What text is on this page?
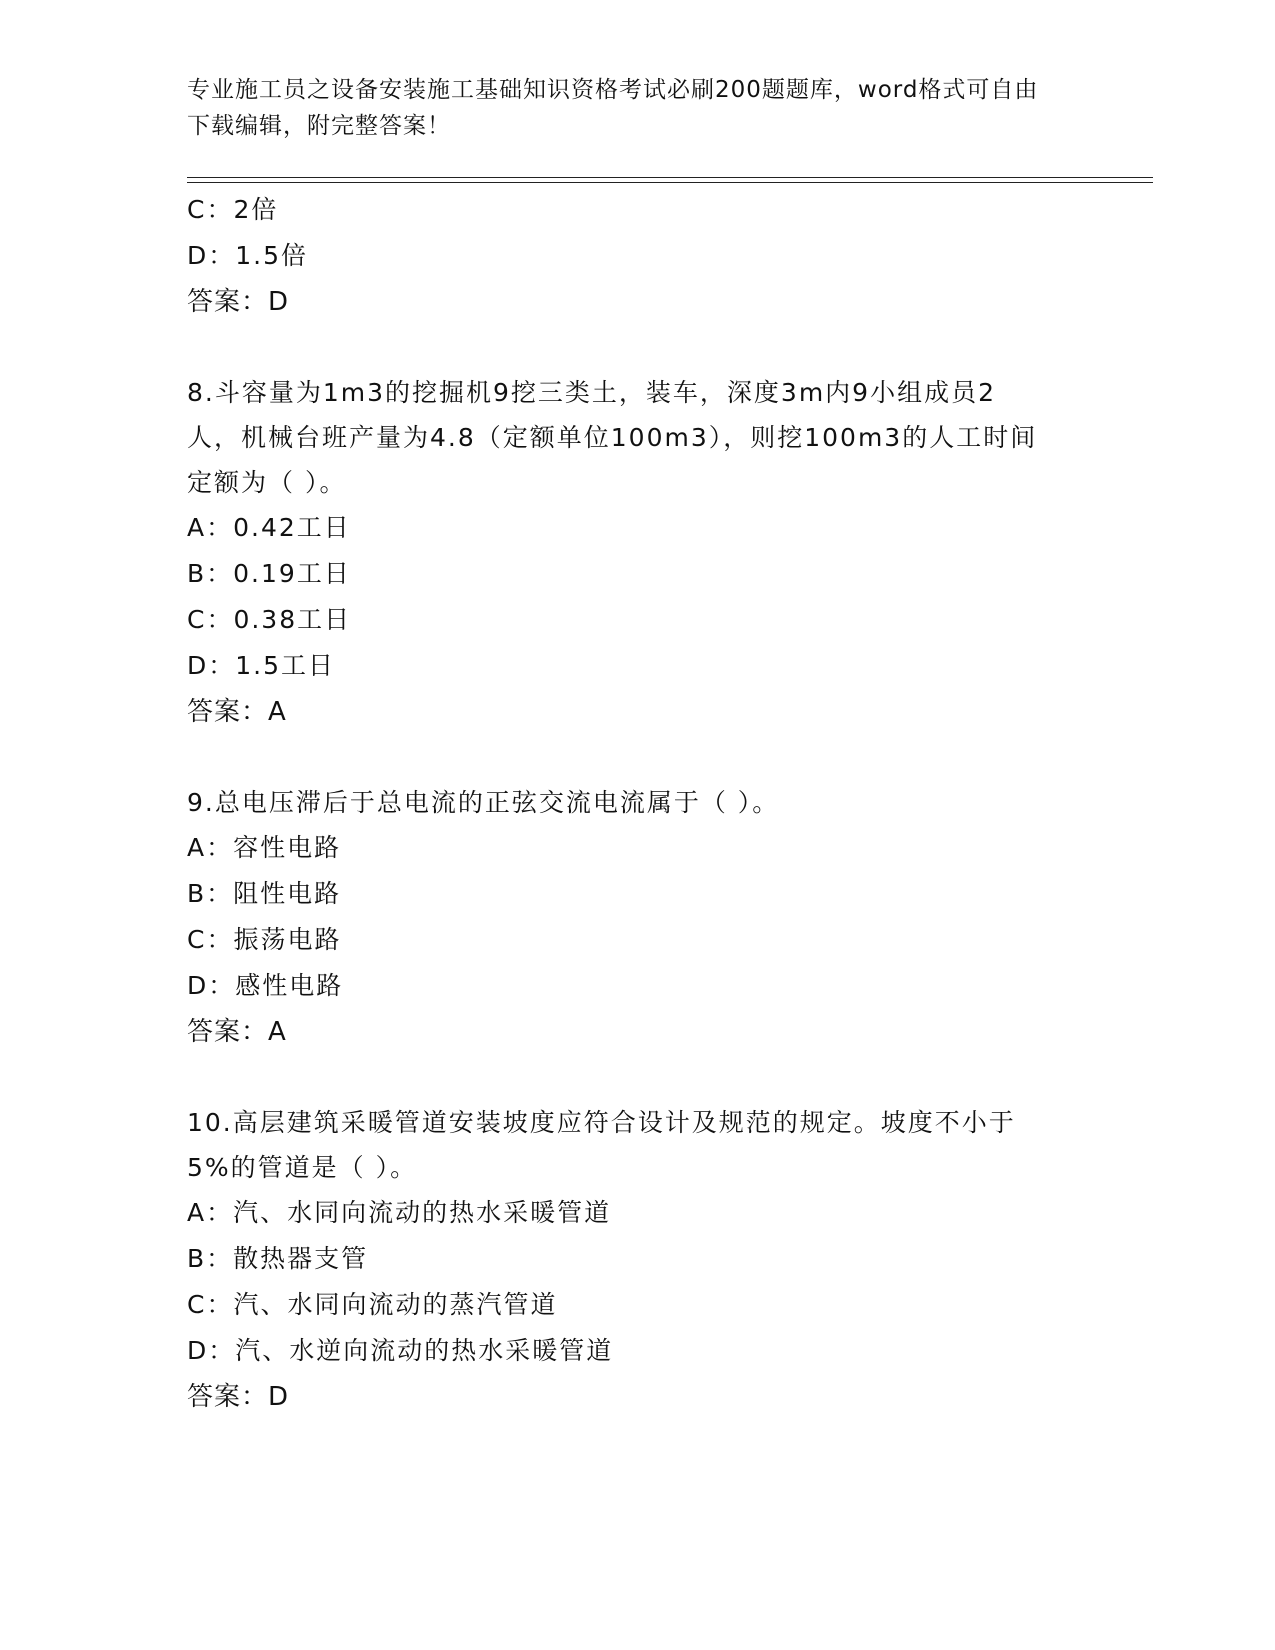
专业施工员之设备安装施工基础知识资格考试必刷200题题库，word格式可自由
下载编辑，附完整答案！
C：2倍
D：1.5倍
答案：D
8.斗容量为1m3的挖掘机9挖三类土，装车，深度3m内9小组成员2
人，机械台班产量为4.8（定额单位100m3），则挖100m3的人工时间
定额为（ ）。
A：0.42工日
B：0.19工日
C：0.38工日
D：1.5工日
答案：A
9.总电压滞后于总电流的正弦交流电流属于（ ）。
A：容性电路
B：阻性电路
C：振荡电路
D：感性电路
答案：A
10.高层建筑采暖管道安装坡度应符合设计及规范的规定。坡度不小于
5%的管道是（ ）。
A：汽、水同向流动的热水采暖管道
B：散热器支管
C：汽、水同向流动的蒸汽管道
D：汽、水逆向流动的热水采暖管道
答案：D
